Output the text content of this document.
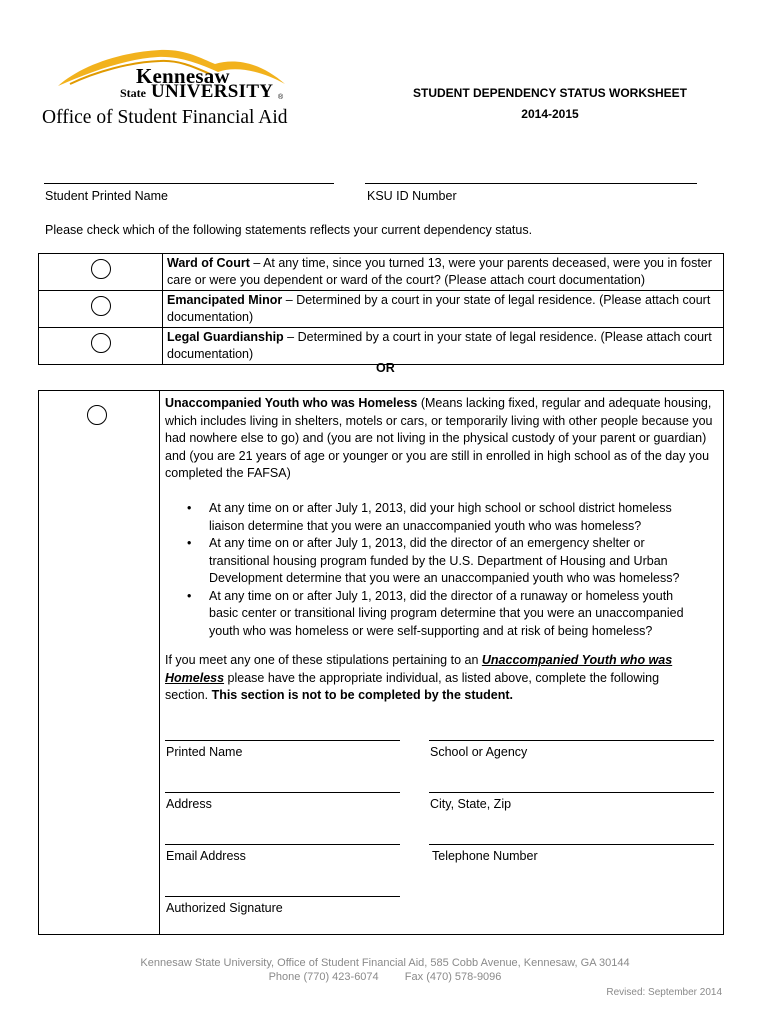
Kennesaw
State UNIVERSITY ®
Office of Student Financial Aid
STUDENT DEPENDENCY STATUS WORKSHEET
2014-2015
Student Printed Name	KSU ID Number
Please check which of the following statements reflects your current dependency status.
	Ward of Court – At any time, since you turned 13, were your parents deceased, were you in foster care or were you dependent or ward of the court? (Please attach court documentation)

	Emancipated Minor – Determined by a court in your state of legal residence. (Please attach court documentation)

	Legal Guardianship – Determined by a court in your state of legal residence. (Please attach court documentation)
OR
Unaccompanied Youth who was Homeless (Means lacking fixed, regular and adequate housing, which includes living in shelters, motels or cars, or temporarily living with other people because you had nowhere else to go) and (you are not living in the physical custody of your parent or guardian) and (you are 21 years of age or younger or you are still in enrolled in high school as of the day you completed the FAFSA)
• At any time on or after July 1, 2013, did your high school or school district homeless liaison determine that you were an unaccompanied youth who was homeless?
• At any time on or after July 1, 2013, did the director of an emergency shelter or transitional housing program funded by the U.S. Department of Housing and Urban Development determine that you were an unaccompanied youth who was homeless?
• At any time on or after July 1, 2013, did the director of a runaway or homeless youth basic center or transitional living program determine that you were an unaccompanied youth who was homeless or were self-supporting and at risk of being homeless?
If you meet any one of these stipulations pertaining to an Unaccompanied Youth who was Homeless please have the appropriate individual, as listed above, complete the following section. This section is not to be completed by the student.
Printed Name	School or Agency
Address	City, State, Zip
Email Address	Telephone Number
Authorized Signature
Kennesaw State University, Office of Student Financial Aid, 585 Cobb Avenue, Kennesaw, GA 30144
Phone (770) 423-6074 Fax (470) 578-9096
Revised: September 2014
